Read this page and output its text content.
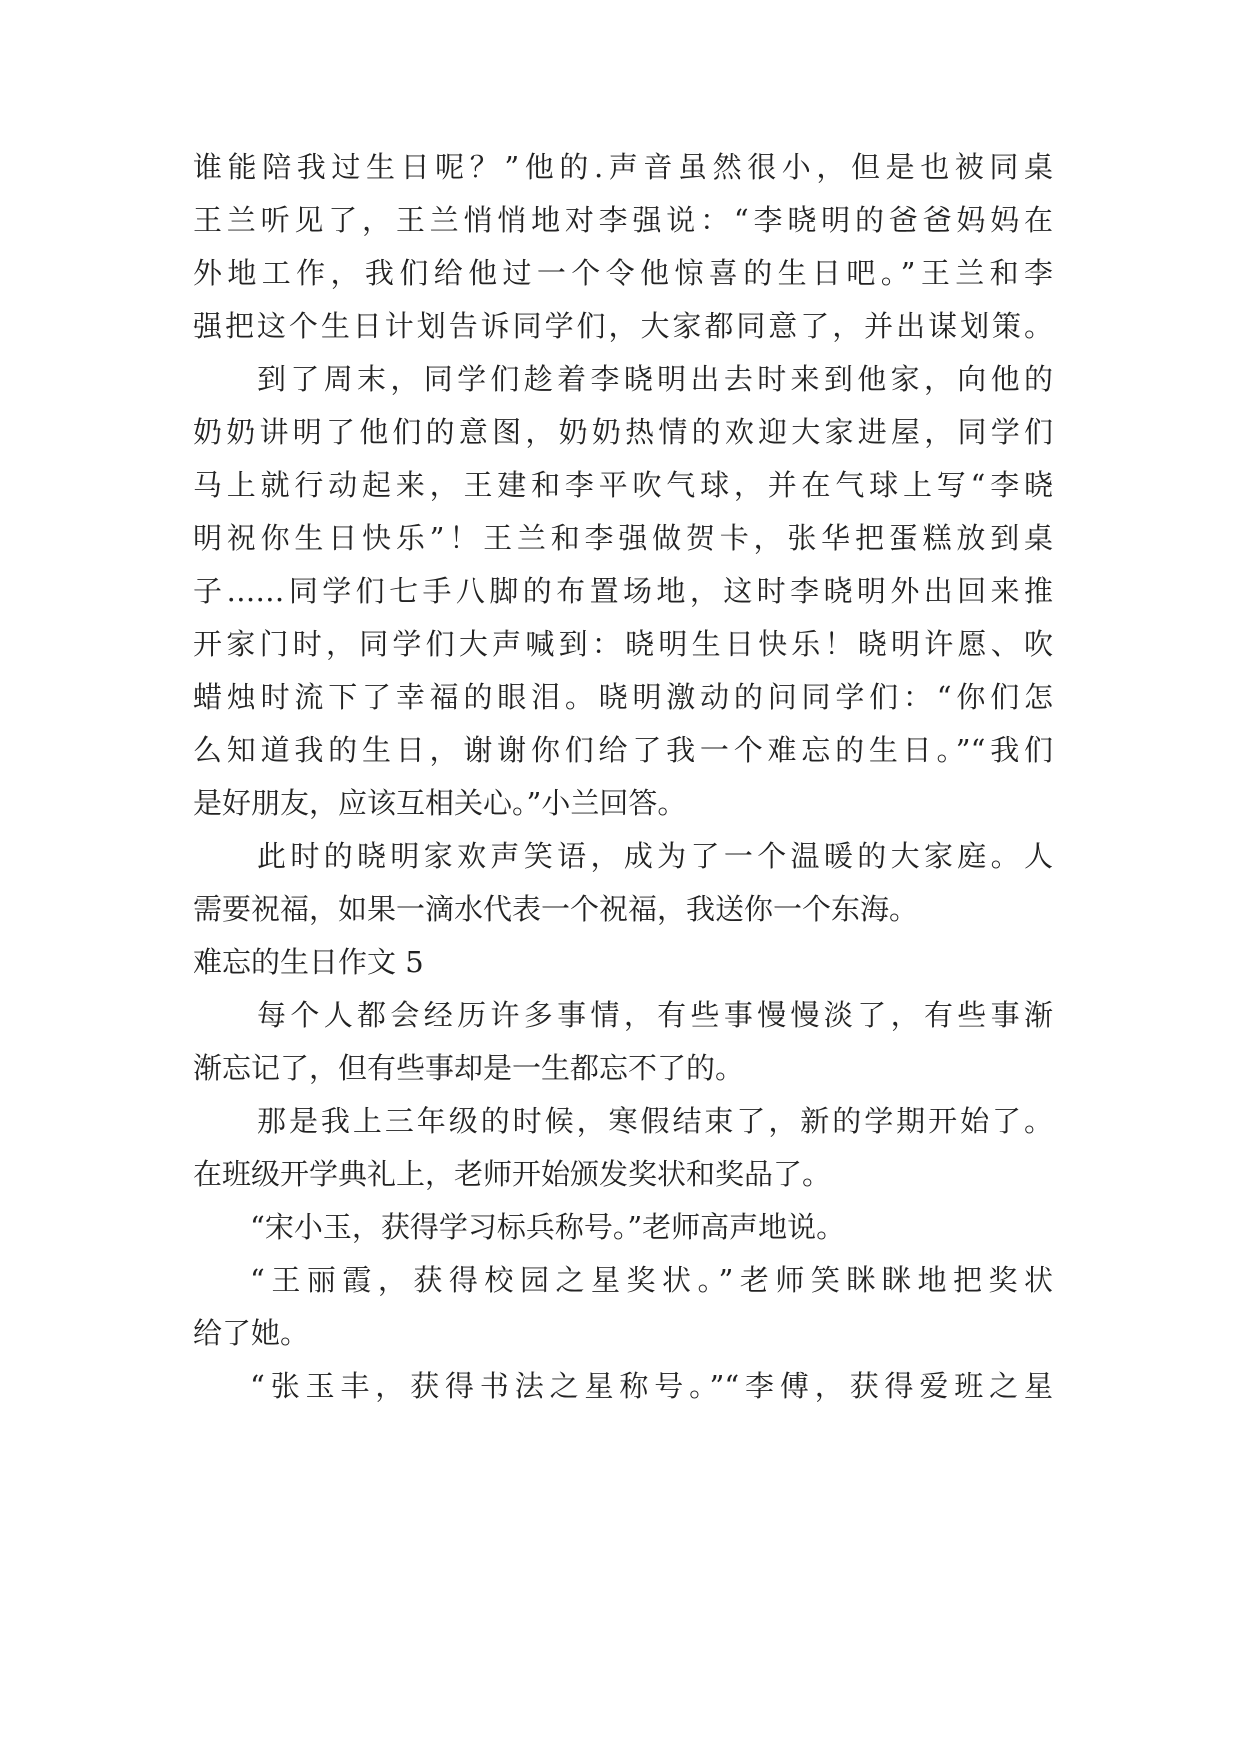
谁能陪我过生日呢？”他的.声音虽然很小，但是也被同桌
王兰听见了，王兰悄悄地对李强说：“李晓明的爸爸妈妈在
外地工作，我们给他过一个令他惊喜的生日吧。”王兰和李
强把这个生日计划告诉同学们，大家都同意了，并出谋划策。
到了周末，同学们趁着李晓明出去时来到他家，向他的
奶奶讲明了他们的意图，奶奶热情的欢迎大家进屋，同学们
马上就行动起来，王建和李平吹气球，并在气球上写“李晓
明祝你生日快乐”！王兰和李强做贺卡，张华把蛋糕放到桌
子……同学们七手八脚的布置场地，这时李晓明外出回来推
开家门时，同学们大声喊到：晓明生日快乐！晓明许愿、吹
蜡烛时流下了幸福的眼泪。晓明激动的问同学们：“你们怎
么知道我的生日，谢谢你们给了我一个难忘的生日。”“我们
是好朋友，应该互相关心。”小兰回答。
此时的晓明家欢声笑语，成为了一个温暖的大家庭。人
需要祝福，如果一滴水代表一个祝福，我送你一个东海。
难忘的生日作文 5
每个人都会经历许多事情，有些事慢慢淡了，有些事渐
渐忘记了，但有些事却是一生都忘不了的。
那是我上三年级的时候，寒假结束了，新的学期开始了。
在班级开学典礼上，老师开始颁发奖状和奖品了。
“宋小玉，获得学习标兵称号。”老师高声地说。
“王丽霞，获得校园之星奖状。”老师笑眯眯地把奖状
给了她。
“张玉丰，获得书法之星称号。”“李傅，获得爱班之星
